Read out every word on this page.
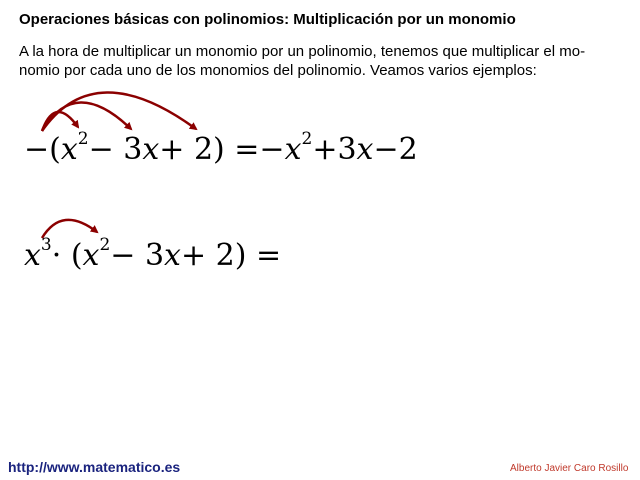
Operaciones básicas con polinomios: Multiplicación por un monomio
A la hora de multiplicar un monomio por un polinomio, tenemos que multiplicar el mo-
nomio por cada uno de los monomios del polinomio. Veamos varios ejemplos:
$-(x^2- 3x+ 2) =-x^2+3x-2$
$x^3\cdot (x^2- 3x+ 2)$ =
http://www.matematico.es	Alberto Javier Caro Rosillo
